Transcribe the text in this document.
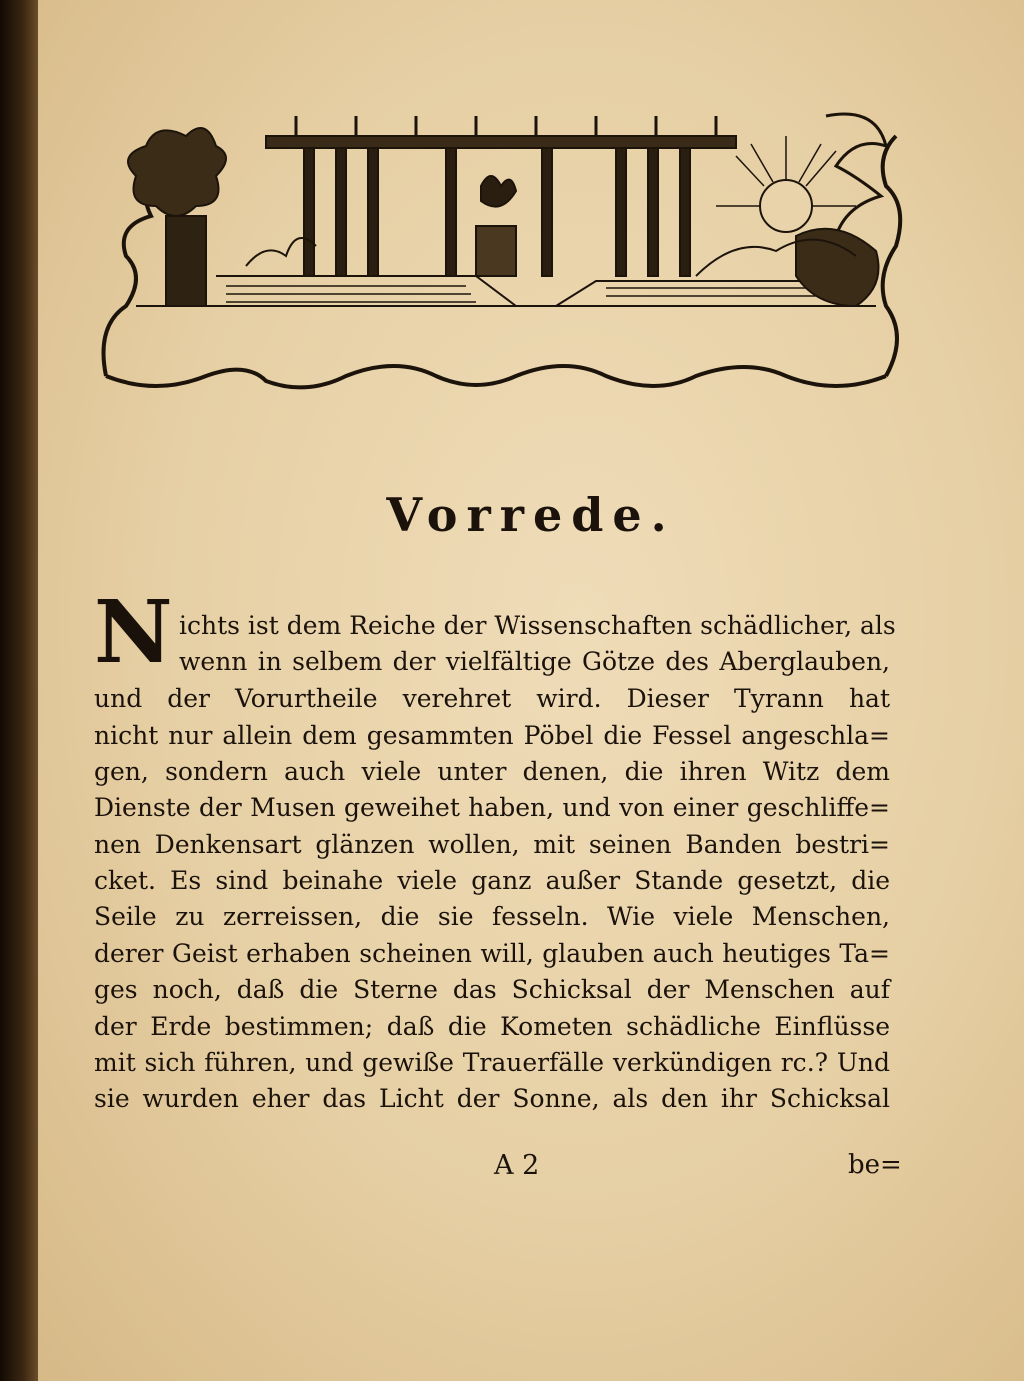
Vorrede.
N ichts ist dem Reiche der Wissenschaften schädlicher, als
wenn in selbem der vielfältige Götze des Aberglauben,
und der Vorurtheile verehret wird. Dieser Tyrann hat
nicht nur allein dem gesammten Pöbel die Fessel angeschla=
gen, sondern auch viele unter denen, die ihren Witz dem
Dienste der Musen geweihet haben, und von einer geschliffe=
nen Denkensart glänzen wollen, mit seinen Banden bestri=
cket. Es sind beinahe viele ganz außer Stande gesetzt, die
Seile zu zerreissen, die sie fesseln. Wie viele Menschen,
derer Geist erhaben scheinen will, glauben auch heutiges Ta=
ges noch, daß die Sterne das Schicksal der Menschen auf
der Erde bestimmen; daß die Kometen schädliche Einflüsse
mit sich führen, und gewiße Trauerfälle verkündigen rc.? Und
sie wurden eher das Licht der Sonne, als den ihr Schicksal
A 2	be=
